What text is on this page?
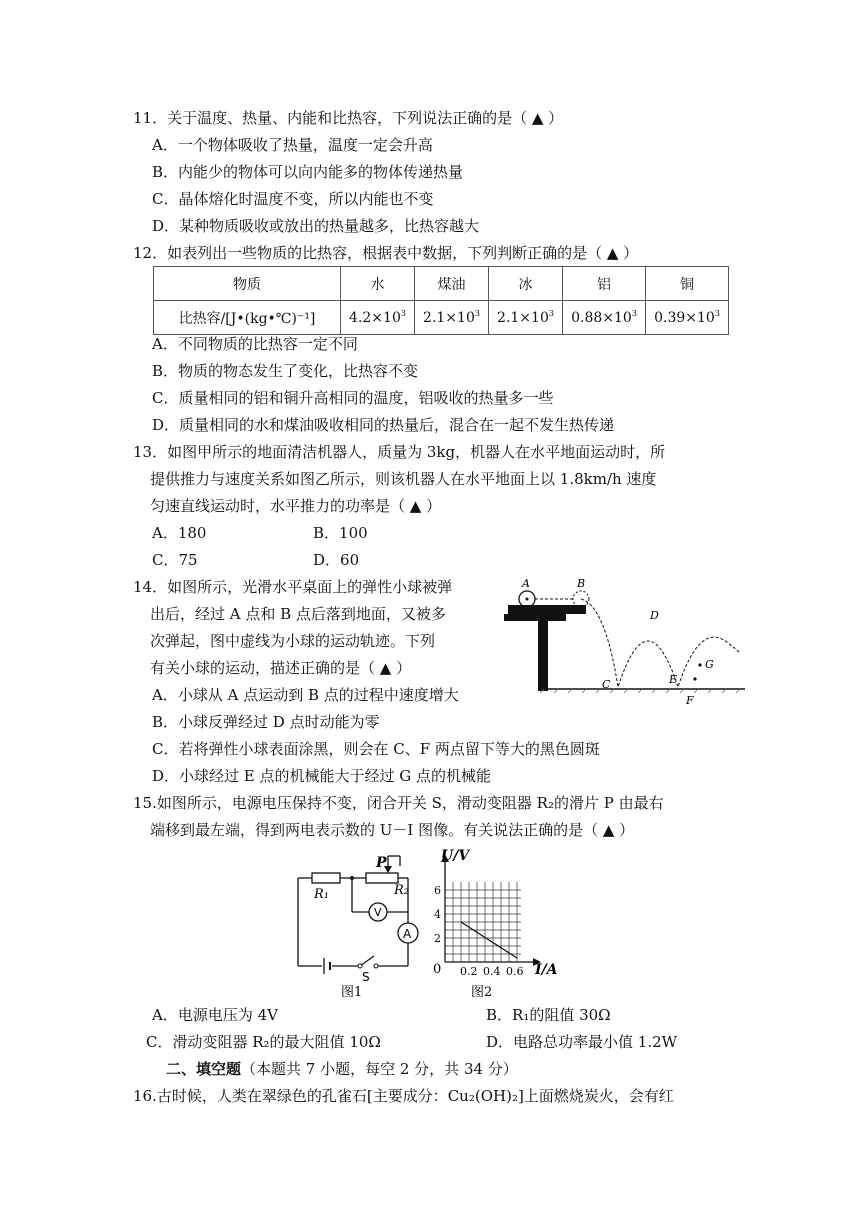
11．关于温度、热量、内能和比热容，下列说法正确的是（ ▲ ）
A．一个物体吸收了热量，温度一定会升高
B．内能少的物体可以向内能多的物体传递热量
C．晶体熔化时温度不变，所以内能也不变
D．某种物质吸收或放出的热量越多，比热容越大
12．如表列出一些物质的比热容，根据表中数据，下列判断正确的是（ ▲ ）
物质	水	煤油	冰	铝	铜
比热容/[J•(kg•℃)⁻¹]	$4.2\times 10^3$	$2.1\times 10^3$	$2.1\times 10^3$	$0.88\times 10^3$	$0.39\times 10^3$
A．不同物质的比热容一定不同
B．物质的物态发生了变化，比热容不变
C．质量相同的铝和铜升高相同的温度，铝吸收的热量多一些
D．质量相同的水和煤油吸收相同的热量后，混合在一起不发生热传递
13．如图甲所示的地面清洁机器人，质量为 3kg，机器人在水平地面运动时，所
提供推力与速度关系如图乙所示，则该机器人在水平地面上以 1.8km/h 速度
匀速直线运动时，水平推力的功率是（ ▲ ）
A．180	B．100
C．75	D．60
14．如图所示，光滑水平桌面上的弹性小球被弹
出后，经过 A 点和 B 点后落到地面，又被多
次弹起，图中虚线为小球的运动轨迹。下列
有关小球的运动，描述正确的是（ ▲ ）
A．小球从 A 点运动到 B 点的过程中速度增大
B．小球反弹经过 D 点时动能为零
C．若将弹性小球表面涂黑，则会在 C、F 两点留下等大的黑色圆斑
D．小球经过 E 点的机械能大于经过 G 点的机械能
A	B
C
D
E
F
G
15.如图所示，电源电压保持不变，闭合开关 S，滑动变阻器 R₂的滑片 P 由最右
端移到最左端，得到两电表示数的 U－I 图像。有关说法正确的是（ ▲ ）
V
A
P
R₁	R₂
S
图1
U/V
I/A
0
6
4
2
0.2 0.4 0.6
图2
A．电源电压为 4V	B．R₁的阻值 30Ω
C．滑动变阻器 R₂的最大阻值 10Ω	D．电路总功率最小值 1.2W
二、填空题（本题共 7 小题，每空 2 分，共 34 分）
16.古时候，人类在翠绿色的孔雀石[主要成分：Cu₂(OH)₂]上面燃烧炭火，会有红
